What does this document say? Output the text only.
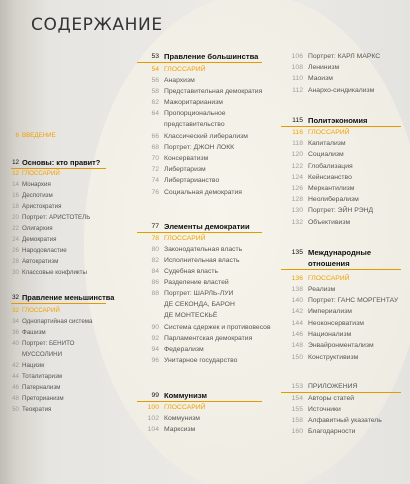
СОДЕРЖАНИЕ
6 ВВЕДЕНИЕ
12 Основы: кто правит?
12 ГЛОССАРИЙ
14 Монархия
16 Деспотизм
18 Аристократия
20 Портрет: АРИСТОТЕЛЬ
22 Олигархия
24 Демократия
26 Народовластие
28 Автократизм
30 Классовые конфликты
32 Правление меньшинства
32 ГЛОССАРИЙ
34 Однопартийная система
36 Фашизм
40 Портрет: БЕНИТО
МУССОЛИНИ
42 Нацизм
44 Тоталитаризм
46 Патернализм
48 Преторианизм
50 Теократия
53 Правление большинства
54 ГЛОССАРИЙ
56 Анархизм
58 Представительная демократия
62 Мажоритарианизм
64 Пропорциональное
представительство
66 Классический либерализм
68 Портрет: ДЖОН ЛОКК
70 Консерватизм
72 Либертаризм
74 Либертарианство
76 Социальная демократия
77 Элементы демократии
78 ГЛОССАРИЙ
80 Законодательная власть
82 Исполнительная власть
84 Судебная власть
86 Разделение властей
88 Портрет: ШАРЛЬ-ЛУИ
ДЕ СЕКОНДА, БАРОН
ДЕ МОНТЕСКЬЁ
90 Система сдержек и противовесов
92 Парламентская демократия
94 Федерализм
96 Унитарное государство
99 Коммунизм
100 ГЛОССАРИЙ
102 Коммунизм
104 Марксизм
106 Портрет: КАРЛ МАРКС
108 Ленинизм
110 Маоизм
112 Анархо-синдикализм
115 Политэкономия
116 ГЛОССАРИЙ
118 Капитализм
120 Социализм
122 Глобализация
124 Кейнсианство
126 Меркантилизм
128 Неолиберализм
130 Портрет: ЭЙН РЭНД
132 Объективизм
135 Международные
отношения
136 ГЛОССАРИЙ
138 Реализм
140 Портрет: ГАНС МОРГЕНТАУ
142 Империализм
144 Неоконсерватизм
146 Национализм
148 Энвайронментализм
150 Конструктивизм
153 ПРИЛОЖЕНИЯ
154 Авторы статей
155 Источники
158 Алфавитный указатель
160 Благодарности
